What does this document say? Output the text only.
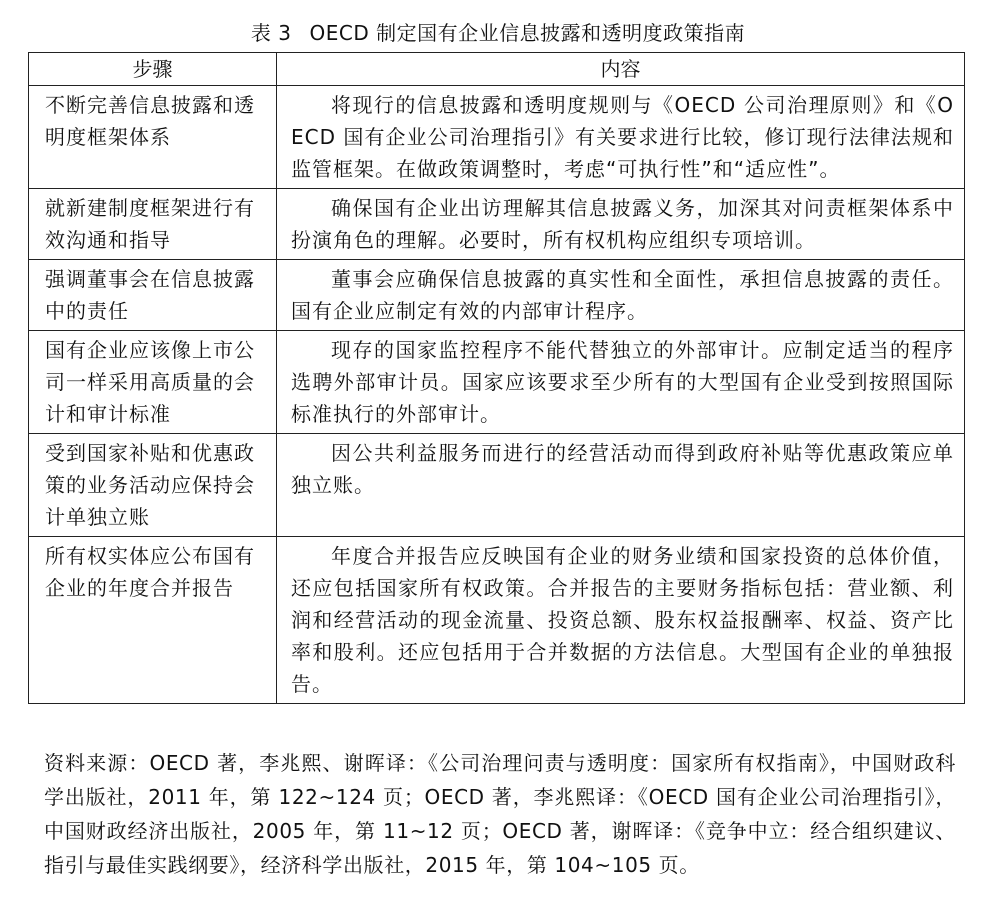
表 3 OECD 制定国有企业信息披露和透明度政策指南
步骤	内容
不断完善信息披露和透明度框架体系	将现行的信息披露和透明度规则与《OECD 公司治理原则》和《OECD 国有企业公司治理指引》有关要求进行比较，修订现行法律法规和监管框架。在做政策调整时，考虑“可执行性”和“适应性”。
就新建制度框架进行有效沟通和指导	确保国有企业出访理解其信息披露义务，加深其对问责框架体系中扮演角色的理解。必要时，所有权机构应组织专项培训。
强调董事会在信息披露中的责任	董事会应确保信息披露的真实性和全面性，承担信息披露的责任。国有企业应制定有效的内部审计程序。
国有企业应该像上市公司一样采用高质量的会计和审计标准	现存的国家监控程序不能代替独立的外部审计。应制定适当的程序选聘外部审计员。国家应该要求至少所有的大型国有企业受到按照国际标准执行的外部审计。
受到国家补贴和优惠政策的业务活动应保持会计单独立账	因公共利益服务而进行的经营活动而得到政府补贴等优惠政策应单独立账。
所有权实体应公布国有企业的年度合并报告	年度合并报告应反映国有企业的财务业绩和国家投资的总体价值，还应包括国家所有权政策。合并报告的主要财务指标包括：营业额、利润和经营活动的现金流量、投资总额、股东权益报酬率、权益、资产比率和股利。还应包括用于合并数据的方法信息。大型国有企业的单独报告。
资料来源：OECD 著，李兆熙、谢晖译：《公司治理问责与透明度：国家所有权指南》，中国财政科学出版社，2011 年，第 122~124 页；OECD 著，李兆熙译：《OECD 国有企业公司治理指引》，中国财政经济出版社，2005 年，第 11~12 页；OECD 著，谢晖译：《竞争中立：经合组织建议、指引与最佳实践纲要》，经济科学出版社，2015 年，第 104~105 页。
